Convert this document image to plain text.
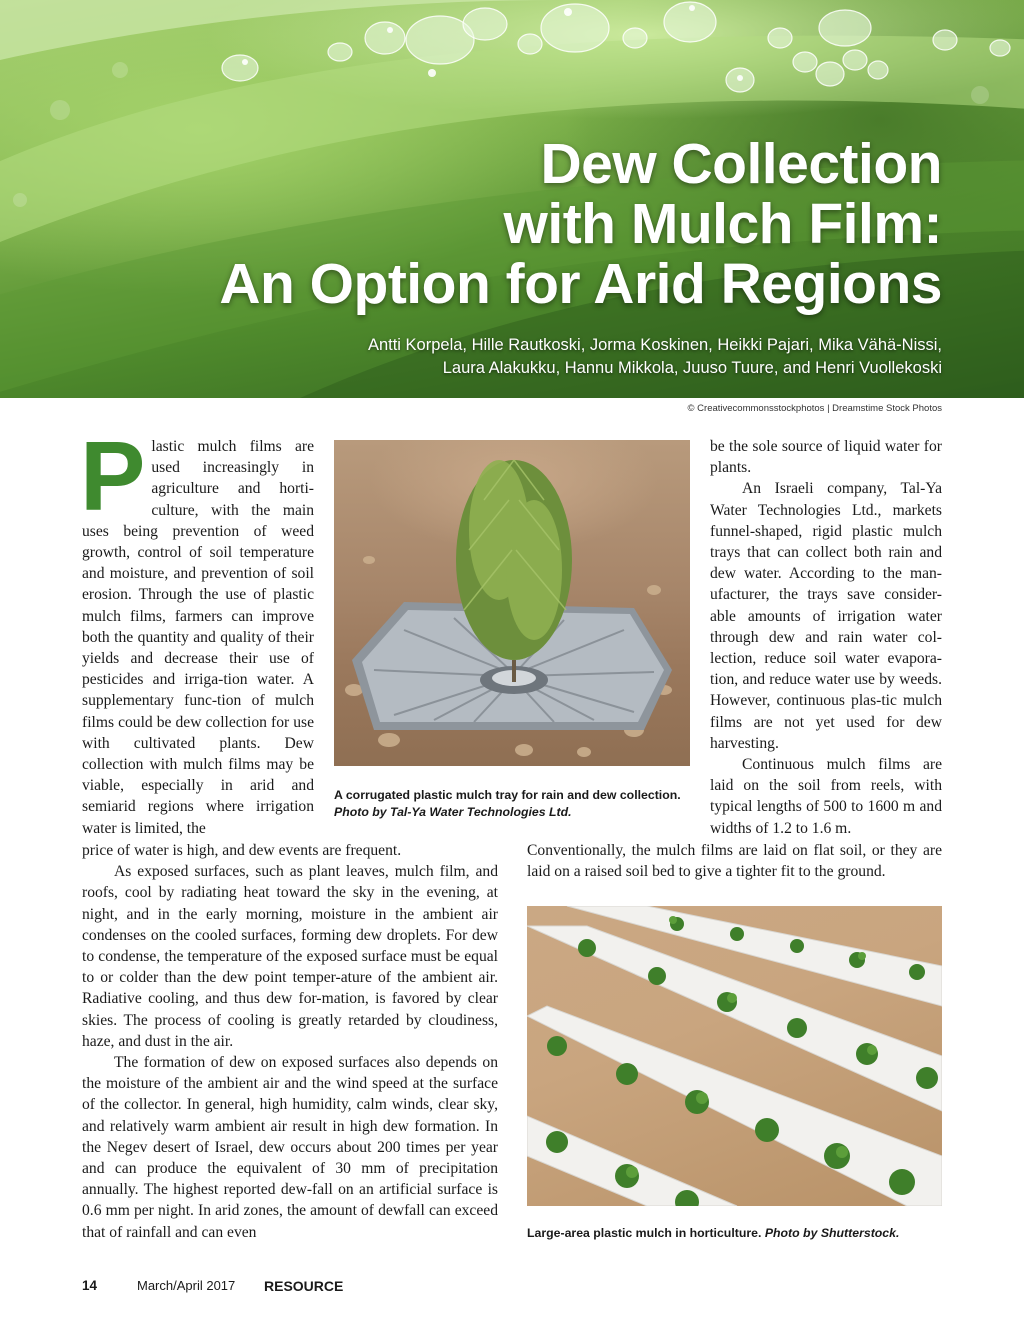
Dew Collection
with Mulch Film:
An Option for Arid Regions
Antti Korpela, Hille Rautkoski, Jorma Koskinen, Heikki Pajari, Mika Vähä-Nissi,
Laura Alakukku, Hannu Mikkola, Juuso Tuure, and Henri Vuollekoski
© Creativecommonsstockphotos | Dreamstime Stock Photos
P lastic mulch films are used increasingly in agriculture and horti-culture, with the main uses being prevention of weed growth, control of soil temperature and moisture, and prevention of soil erosion. Through the use of plastic mulch films, farmers can improve both the quantity and quality of their yields and decrease their use of pesticides and irriga-tion water. A supplementary func-tion of mulch films could be dew collection for use with cultivated plants. Dew collection with mulch films may be viable, especially in arid and semiarid regions where irrigation water is limited, the

A corrugated plastic mulch tray for rain and dew collection. Photo by Tal-Ya Water Technologies Ltd.

be the sole source of liquid water for plants.

An Israeli company, Tal-Ya Water Technologies Ltd., markets funnel-shaped, rigid plastic mulch trays that can collect both rain and dew water. According to the man-ufacturer, the trays save consider-able amounts of irrigation water through dew and rain water col-lection, reduce soil water evapora-tion, and reduce water use by weeds. However, continuous plas-tic mulch films are not yet used for dew harvesting.

Continuous mulch films are laid on the soil from reels, with typical lengths of 500 to 1600 m and widths of 1.2 to 1.6 m.

price of water is high, and dew events are frequent.

As exposed surfaces, such as plant leaves, mulch film, and roofs, cool by radiating heat toward the sky in the evening, at night, and in the early morning, moisture in the ambient air condenses on the cooled surfaces, forming dew droplets. For dew to condense, the temperature of the exposed surface must be equal to or colder than the dew point temper-ature of the ambient air. Radiative cooling, and thus dew for-mation, is favored by clear skies. The process of cooling is greatly retarded by cloudiness, haze, and dust in the air.

The formation of dew on exposed surfaces also depends on the moisture of the ambient air and the wind speed at the surface of the collector. In general, high humidity, calm winds, clear sky, and relatively warm ambient air result in high dew formation. In the Negev desert of Israel, dew occurs about 200 times per year and can produce the equivalent of 30 mm of precipitation annually. The highest reported dew-fall on an artificial surface is 0.6 mm per night. In arid zones, the amount of dewfall can exceed that of rainfall and can even

Conventionally, the mulch films are laid on flat soil, or they are laid on a raised soil bed to give a tighter fit to the ground.

Large-area plastic mulch in horticulture. Photo by Shutterstock.
14	March/April 2017	RESOURCE
